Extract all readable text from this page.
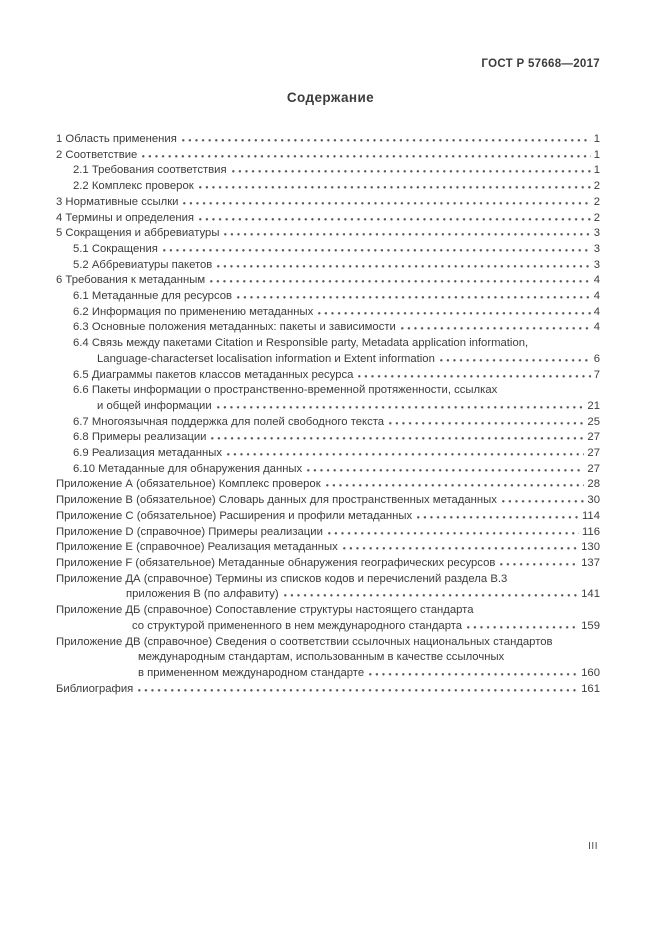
ГОСТ Р 57668—2017
Содержание
1 Область применения	1
2 Соответствие	1
2.1 Требования соответствия	1
2.2 Комплекс проверок	2
3 Нормативные ссылки	2
4 Термины и определения	2
5 Сокращения и аббревиатуры	3
5.1 Сокращения	3
5.2 Аббревиатуры пакетов	3
6 Требования к метаданным	4
6.1 Метаданные для ресурсов	4
6.2 Информация по применению метаданных	4
6.3 Основные положения метаданных: пакеты и зависимости	4
6.4 Связь между пакетами Citation и Responsible party, Metadata application information,
Language-characterset localisation information и Extent information	6
6.5 Диаграммы пакетов классов метаданных ресурса	7
6.6 Пакеты информации о пространственно-временной протяженности, ссылках
и общей информации	21
6.7 Многоязычная поддержка для полей свободного текста	25
6.8 Примеры реализации	27
6.9 Реализация метаданных	27
6.10 Метаданные для обнаружения данных	27
Приложение А (обязательное) Комплекс проверок	28
Приложение В (обязательное) Словарь данных для пространственных метаданных	30
Приложение С (обязательное) Расширения и профили метаданных	114
Приложение D (справочное) Примеры реализации	116
Приложение Е (справочное) Реализация метаданных	130
Приложение F (обязательное) Метаданные обнаружения географических ресурсов	137
Приложение ДА (справочное) Термины из списков кодов и перечислений раздела В.3
приложения В (по алфавиту)	141
Приложение ДБ (справочное) Сопоставление структуры настоящего стандарта
со структурой примененного в нем международного стандарта	159
Приложение ДВ (справочное) Сведения о соответствии ссылочных национальных стандартов
международным стандартам, использованным в качестве ссылочных
в примененном международном стандарте	160
Библиография	161
III
